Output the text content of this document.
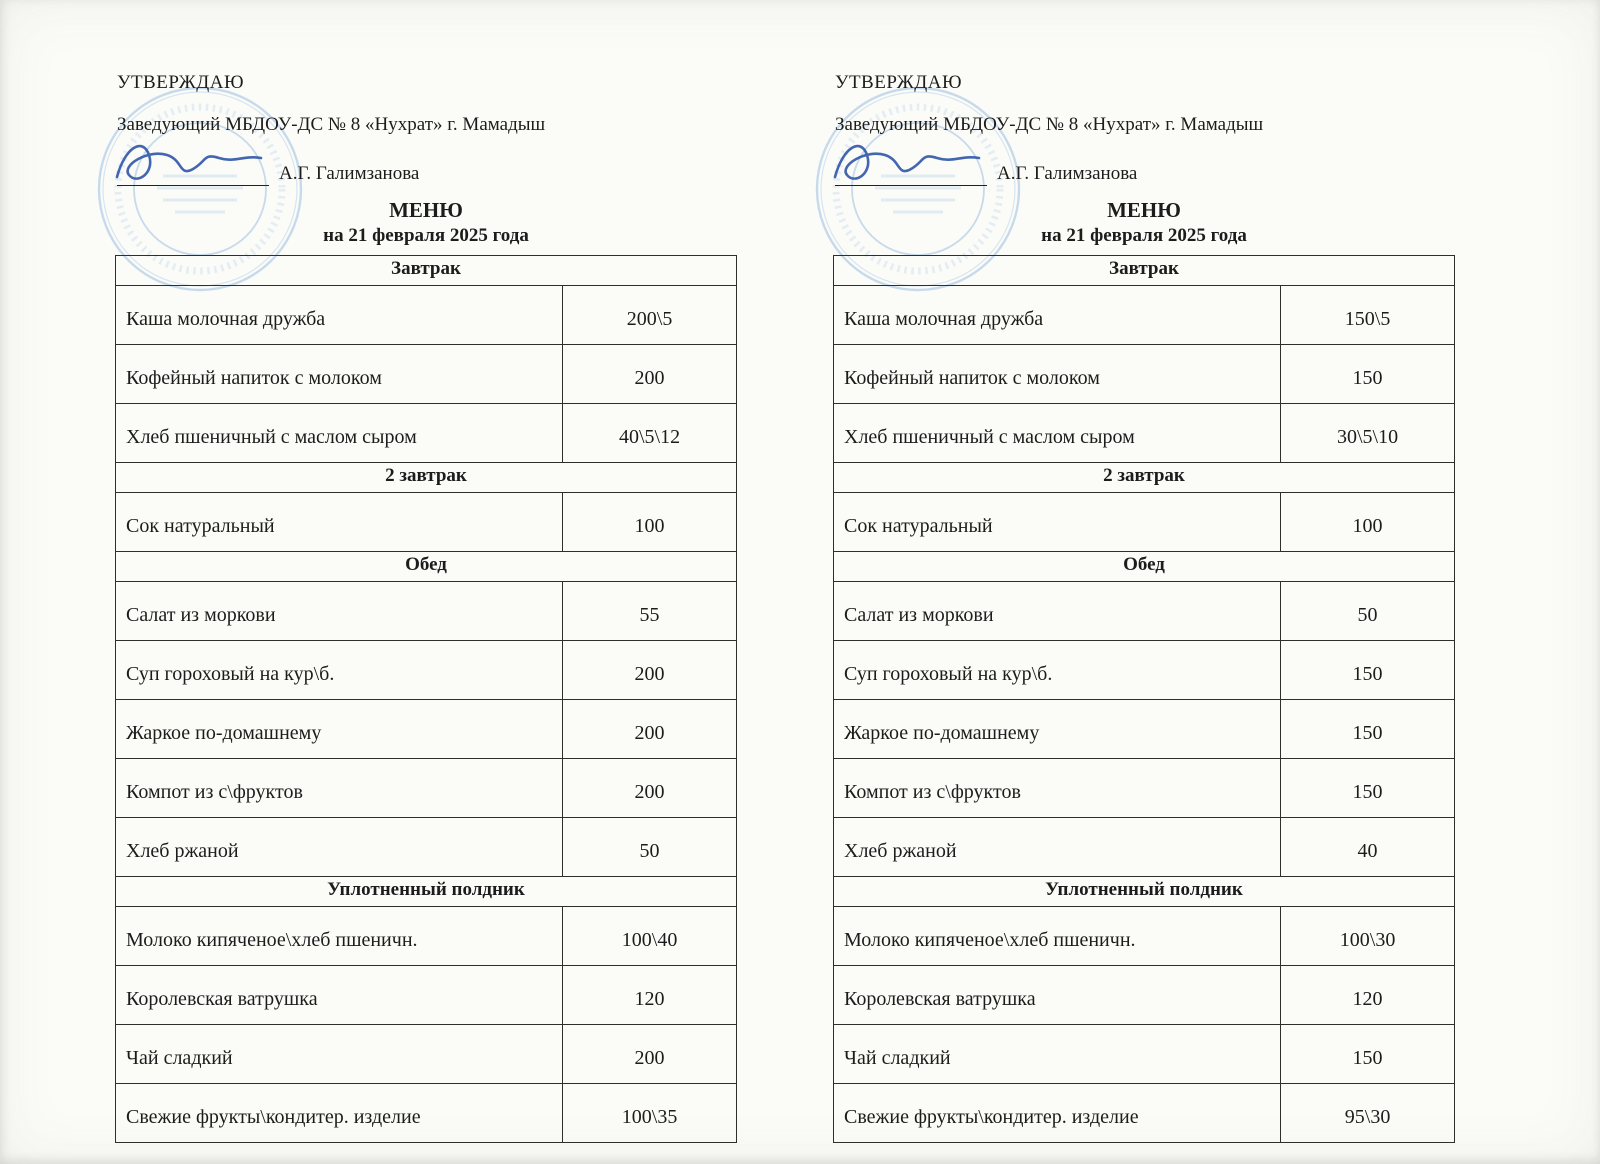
УТВЕРЖДАЮ
Заведующий МБДОУ-ДС № 8 «Нухрат» г. Мамадыш
А.Г. Галимзанова
МЕНЮ
на 21 февраля 2025 года
Завтрак	
Каша молочная дружба	200\5
Кофейный напиток с молоком	200
Хлеб пшеничный с маслом сыром	40\5\12
2 завтрак	
Сок натуральный	100
Обед	
Салат из моркови	55
Суп гороховый на кур\б.	200
Жаркое по-домашнему	200
Компот из с\фруктов	200
Хлеб ржаной	50
Уплотненный полдник	
Молоко кипяченое\хлеб пшеничн.	100\40
Королевская ватрушка	120
Чай сладкий	200
Свежие фрукты\кондитер. изделие	100\35
УТВЕРЖДАЮ
Заведующий МБДОУ-ДС № 8 «Нухрат» г. Мамадыш
А.Г. Галимзанова
МЕНЮ
на 21 февраля 2025 года
Завтрак	
Каша молочная дружба	150\5
Кофейный напиток с молоком	150
Хлеб пшеничный с маслом сыром	30\5\10
2 завтрак	
Сок натуральный	100
Обед	
Салат из моркови	50
Суп гороховый на кур\б.	150
Жаркое по-домашнему	150
Компот из с\фруктов	150
Хлеб ржаной	40
Уплотненный полдник	
Молоко кипяченое\хлеб пшеничн.	100\30
Королевская ватрушка	120
Чай сладкий	150
Свежие фрукты\кондитер. изделие	95\30
